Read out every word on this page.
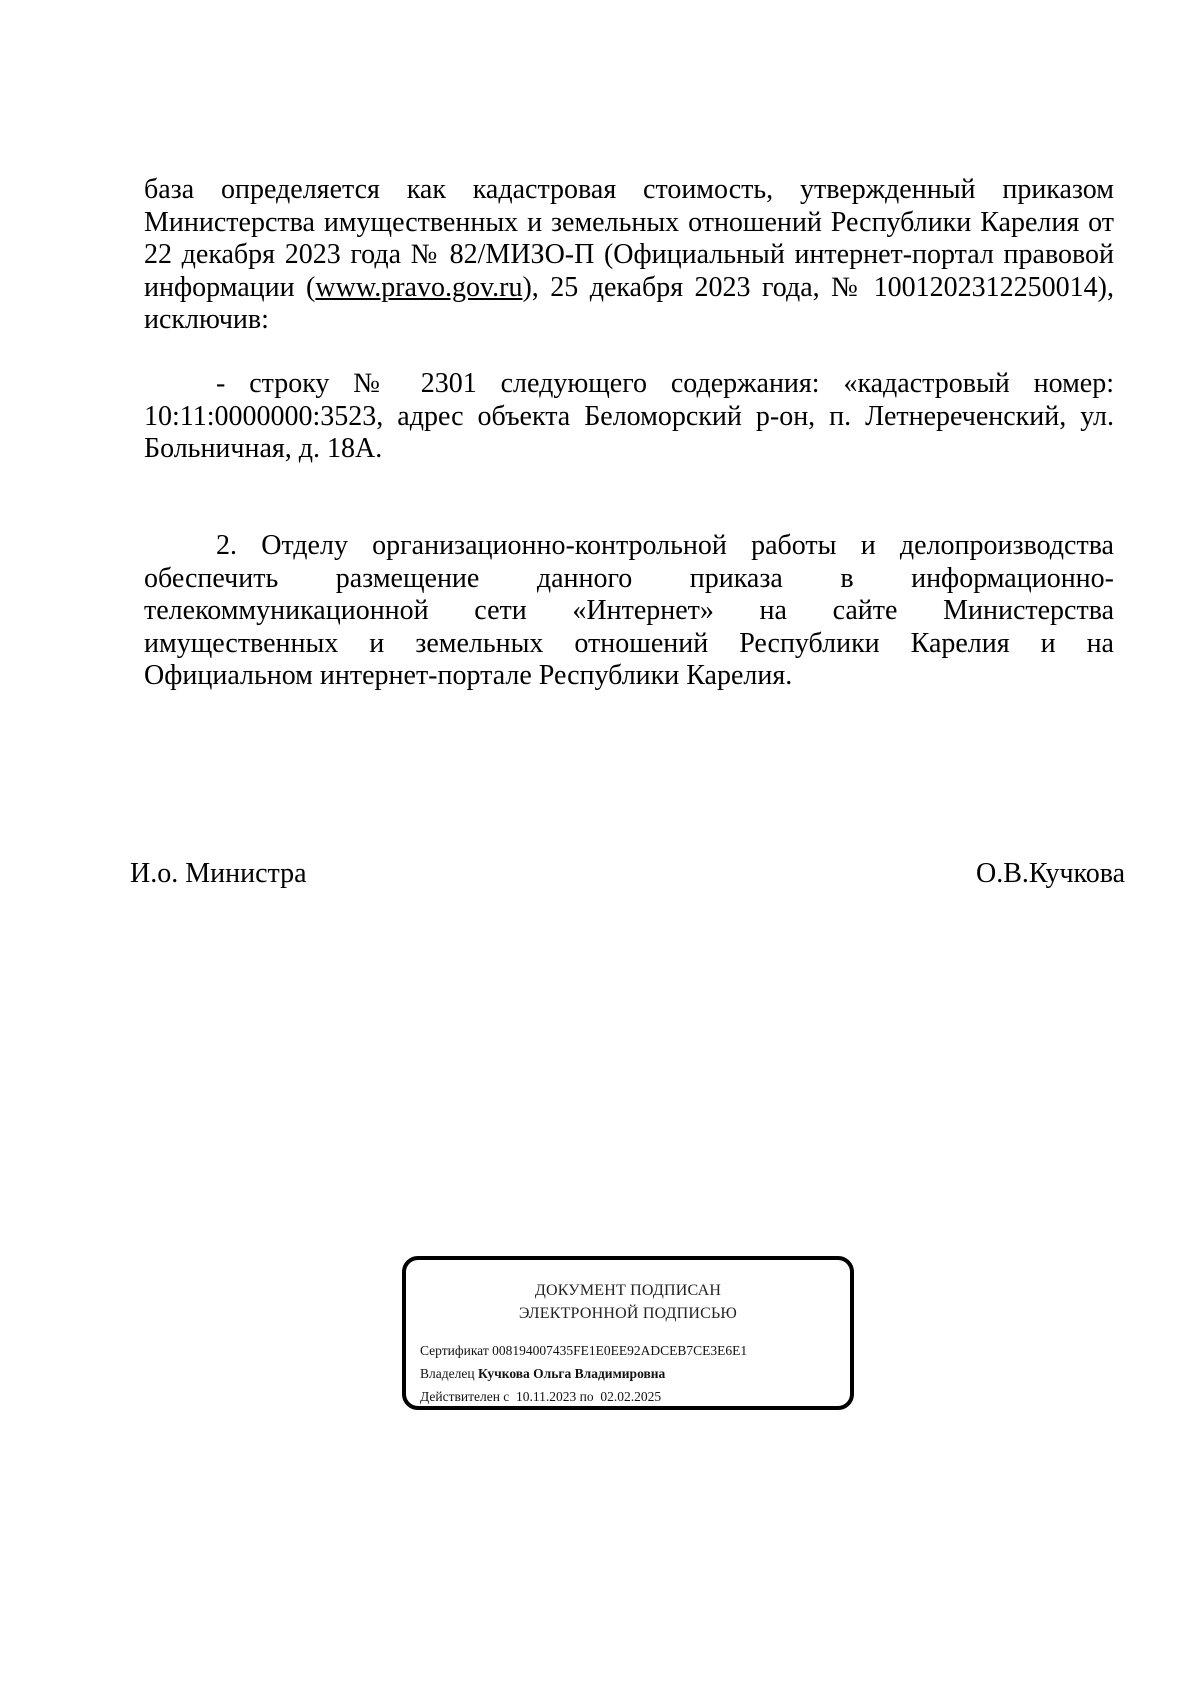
база определяется как кадастровая стоимость, утвержденный приказом Министерства имущественных и земельных отношений Республики Карелия от 22 декабря 2023 года № 82/МИЗО-П (Официальный интернет-портал правовой информации (www.pravo.gov.ru), 25 декабря 2023 года, № 1001202312250014), исключив:

- строку № 2301 следующего содержания: «кадастровый номер: 10:11:0000000:3523, адрес объекта Беломорский р-он, п. Летнереченский, ул. Больничная, д. 18А.

2. Отделу организационно-контрольной работы и делопроизводства обеспечить размещение данного приказа в информационно-телекоммуникационной сети «Интернет» на сайте Министерства имущественных и земельных отношений Республики Карелия и на Официальном интернет-портале Республики Карелия.

И.о. Министра	О.В.Кучкова
ДОКУМЕНТ ПОДПИСАН
ЭЛЕКТРОННОЙ ПОДПИСЬЮ
Сертификат 008194007435FE1E0EE92ADCEB7CE3E6E1
Владелец Кучкова Ольга Владимировна
Действителен с 10.11.2023 по 02.02.2025
